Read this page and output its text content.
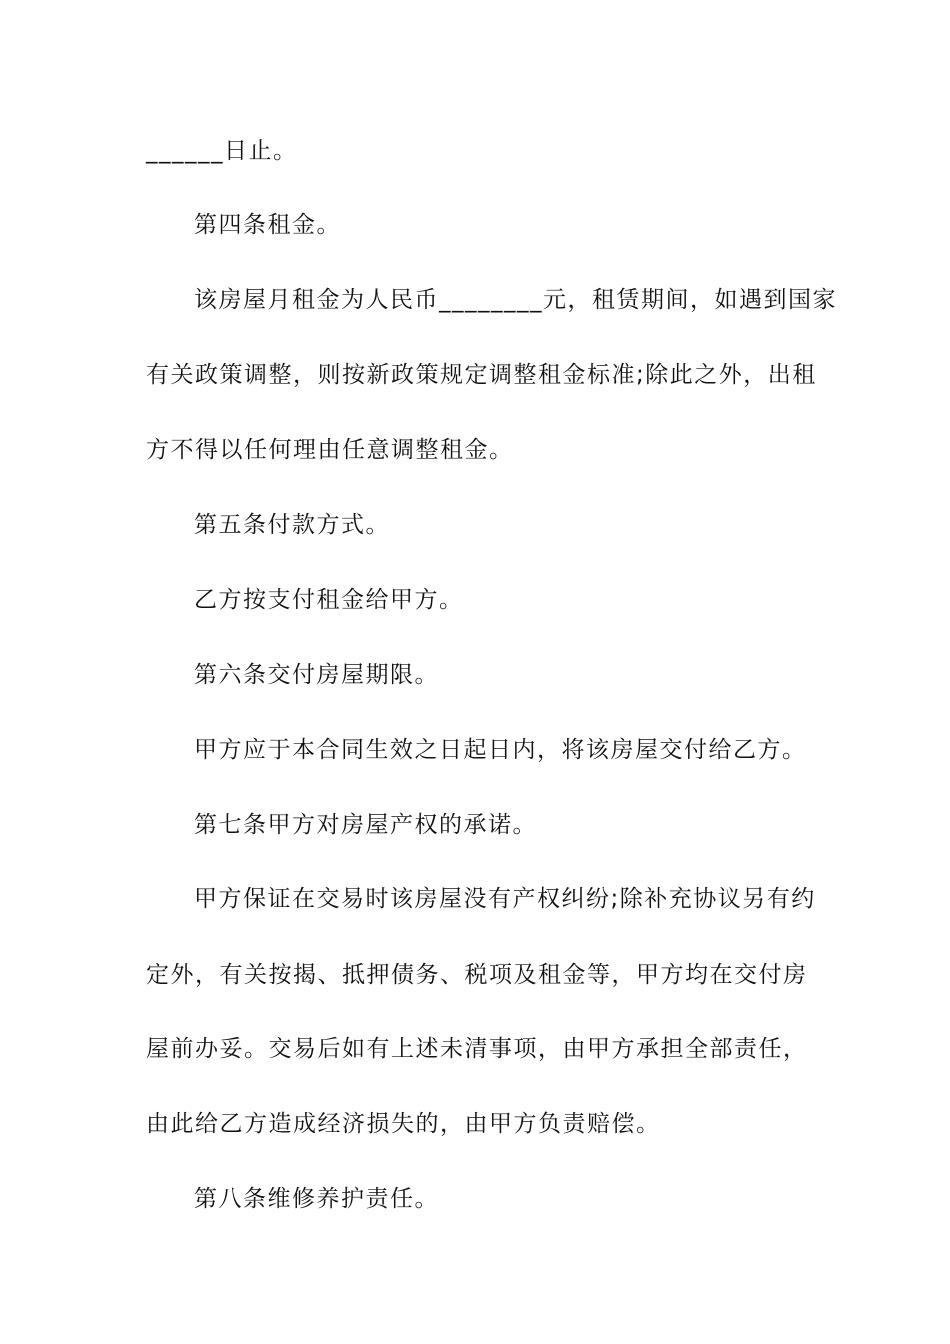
______日止。
第四条租金。
该房屋月租金为人民币________元，租赁期间，如遇到国家
有关政策调整，则按新政策规定调整租金标准;除此之外，出租
方不得以任何理由任意调整租金。
第五条付款方式。
乙方按支付租金给甲方。
第六条交付房屋期限。
甲方应于本合同生效之日起日内，将该房屋交付给乙方。
第七条甲方对房屋产权的承诺。
甲方保证在交易时该房屋没有产权纠纷;除补充协议另有约
定外，有关按揭、抵押债务、税项及租金等，甲方均在交付房
屋前办妥。交易后如有上述未清事项，由甲方承担全部责任，
由此给乙方造成经济损失的，由甲方负责赔偿。
第八条维修养护责任。
